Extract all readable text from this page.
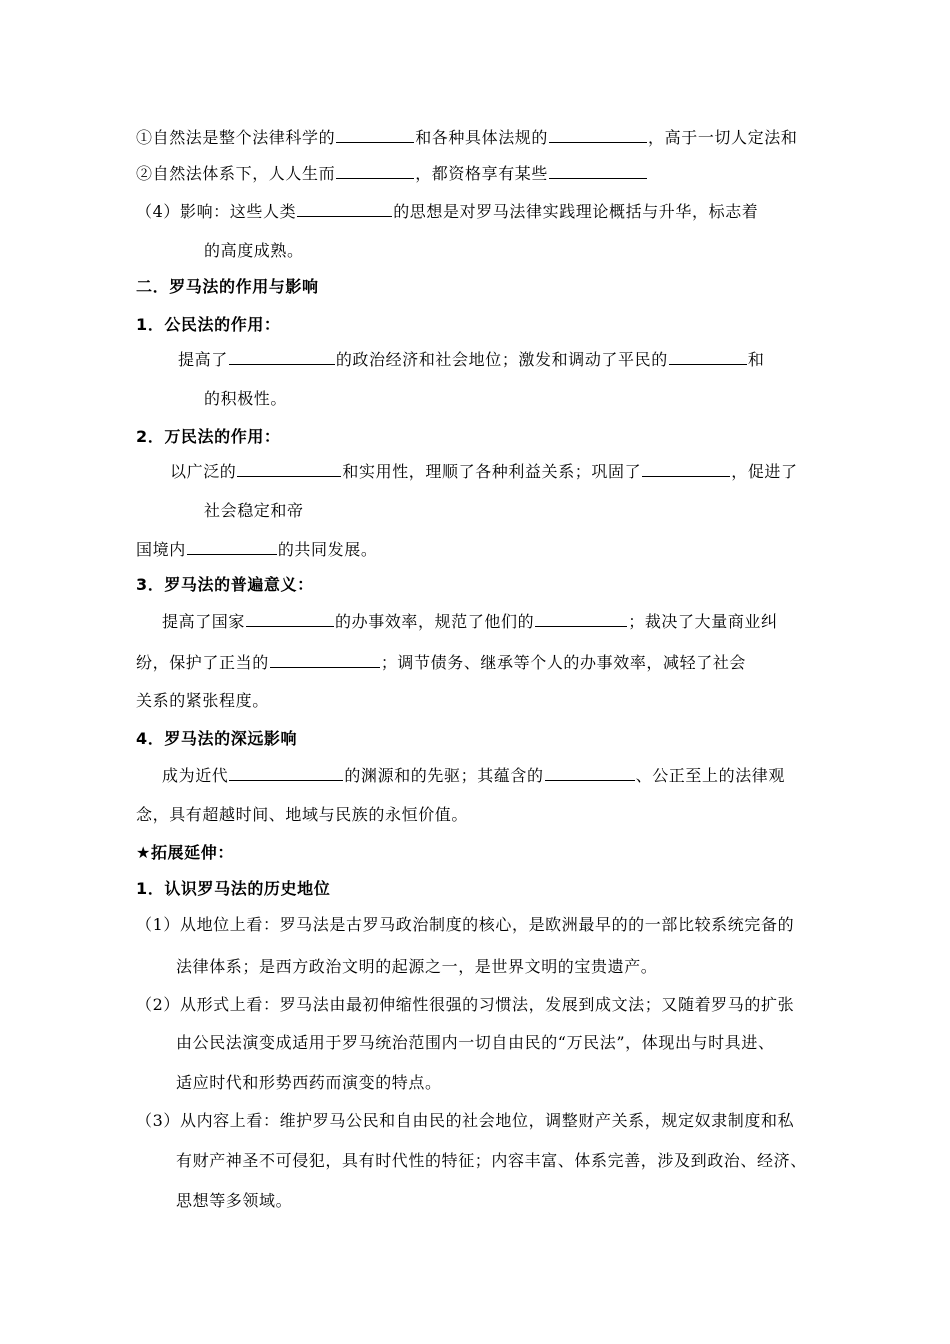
①自然法是整个法律科学的	和各种具体法规的	，高于一切人定法和
②自然法体系下，人人生而	，都资格享有某些
（4）影响：这些人类	的思想是对罗马法律实践理论概括与升华，标志着
的高度成熟。
二．罗马法的作用与影响
1．公民法的作用：
提高了	的政治经济和社会地位；激发和调动了平民的	和
的积极性。
2．万民法的作用：
以广泛的	和实用性，理顺了各种利益关系；巩固了	，促进了
社会稳定和帝
国境内	的共同发展。
3．罗马法的普遍意义：
提高了国家	的办事效率，规范了他们的	；裁决了大量商业纠
纷，保护了正当的	；调节债务、继承等个人的办事效率，减轻了社会
关系的紧张程度。
4．罗马法的深远影响
成为近代	的渊源和的先驱；其蕴含的	、公正至上的法律观
念，具有超越时间、地域与民族的永恒价值。
★拓展延伸：
1．认识罗马法的历史地位
（1）从地位上看：罗马法是古罗马政治制度的核心，是欧洲最早的的一部比较系统完备的
法律体系；是西方政治文明的起源之一，是世界文明的宝贵遗产。
（2）从形式上看：罗马法由最初伸缩性很强的习惯法，发展到成文法；又随着罗马的扩张
由公民法演变成适用于罗马统治范围内一切自由民的“万民法”，体现出与时具进、
适应时代和形势西药而演变的特点。
（3）从内容上看：维护罗马公民和自由民的社会地位，调整财产关系，规定奴隶制度和私
有财产神圣不可侵犯，具有时代性的特征；内容丰富、体系完善，涉及到政治、经济、
思想等多领域。
